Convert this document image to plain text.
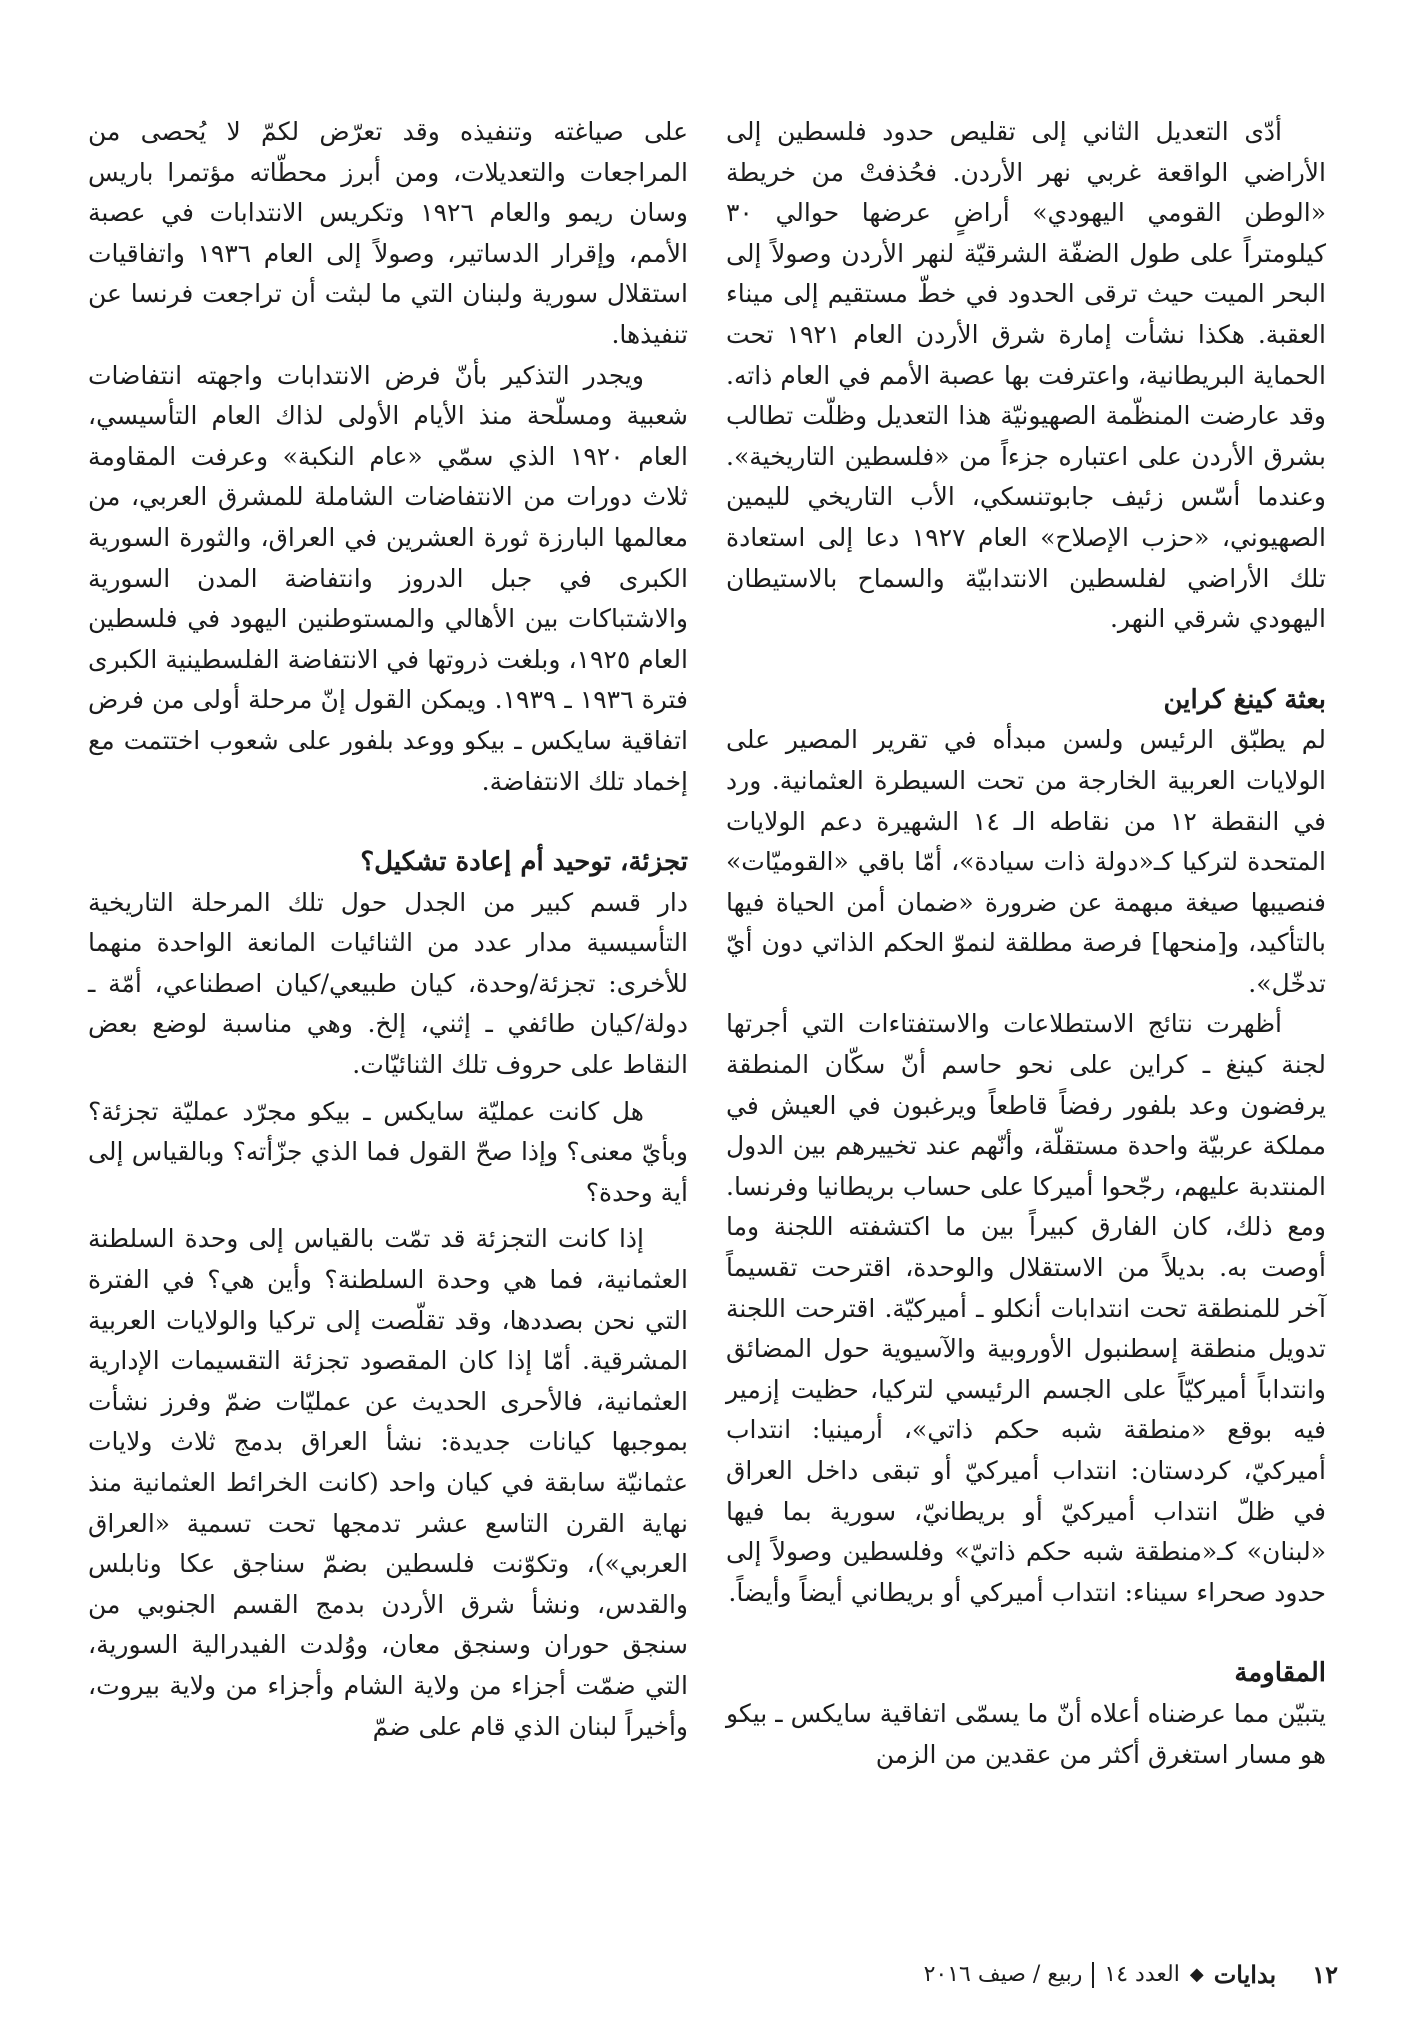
أدّى التعديل الثاني إلى تقليص حدود فلسطين إلى الأراضي الواقعة غربي نهر الأردن. فحُذفتْ من خريطة «الوطن القومي اليهودي» أراضٍ عرضها حوالي ٣٠ كيلومتراً على طول الضفّة الشرقيّة لنهر الأردن وصولاً إلى البحر الميت حيث ترقى الحدود في خطّ مستقيم إلى ميناء العقبة. هكذا نشأت إمارة شرق الأردن العام ١٩٢١ تحت الحماية البريطانية، واعترفت بها عصبة الأمم في العام ذاته. وقد عارضت المنظّمة الصهيونيّة هذا التعديل وظلّت تطالب بشرق الأردن على اعتباره جزءاً من «فلسطين التاريخية». وعندما أسّس زئيف جابوتنسكي، الأب التاريخي لليمين الصهيوني، «حزب الإصلاح» العام ١٩٢٧ دعا إلى استعادة تلك الأراضي لفلسطين الانتدابيّة والسماح بالاستيطان اليهودي شرقي النهر.

بعثة كينغ كراين

لم يطبّق الرئيس ولسن مبدأه في تقرير المصير على الولايات العربية الخارجة من تحت السيطرة العثمانية. ورد في النقطة ١٢ من نقاطه الـ ١٤ الشهيرة دعم الولايات المتحدة لتركيا كـ«دولة ذات سيادة»، أمّا باقي «القوميّات» فنصيبها صيغة مبهمة عن ضرورة «ضمان أمن الحياة فيها بالتأكيد، و[منحها] فرصة مطلقة لنموّ الحكم الذاتي دون أيّ تدخّل».

أظهرت نتائج الاستطلاعات والاستفتاءات التي أجرتها لجنة كينغ ـ كراين على نحو حاسم أنّ سكّان المنطقة يرفضون وعد بلفور رفضاً قاطعاً ويرغبون في العيش في مملكة عربيّة واحدة مستقلّة، وأنّهم عند تخييرهم بين الدول المنتدبة عليهم، رجّحوا أميركا على حساب بريطانيا وفرنسا. ومع ذلك، كان الفارق كبيراً بين ما اكتشفته اللجنة وما أوصت به. بديلاً من الاستقلال والوحدة، اقترحت تقسيماً آخر للمنطقة تحت انتدابات أنكلو ـ أميركيّة. اقترحت اللجنة تدويل منطقة إسطنبول الأوروبية والآسيوية حول المضائق وانتداباً أميركيّاً على الجسم الرئيسي لتركيا، حظيت إزمير فيه بوقع «منطقة شبه حكم ذاتي»، أرمينيا: انتداب أميركيّ، كردستان: انتداب أميركيّ أو تبقى داخل العراق في ظلّ انتداب أميركيّ أو بريطانيّ، سورية بما فيها «لبنان» كـ«منطقة شبه حكم ذاتيّ» وفلسطين وصولاً إلى حدود صحراء سيناء: انتداب أميركي أو بريطاني أيضاً وأيضاً.

المقاومة

يتبيّن مما عرضناه أعلاه أنّ ما يسمّى اتفاقية سايكس ـ بيكو هو مسار استغرق أكثر من عقدين من الزمن

على صياغته وتنفيذه وقد تعرّض لكمّ لا يُحصى من المراجعات والتعديلات، ومن أبرز محطّاته مؤتمرا باريس وسان ريمو والعام ١٩٢٦ وتكريس الانتدابات في عصبة الأمم، وإقرار الدساتير، وصولاً إلى العام ١٩٣٦ واتفاقيات استقلال سورية ولبنان التي ما لبثت أن تراجعت فرنسا عن تنفيذها.

ويجدر التذكير بأنّ فرض الانتدابات واجهته انتفاضات شعبية ومسلّحة منذ الأيام الأولى لذاك العام التأسيسي، العام ١٩٢٠ الذي سمّي «عام النكبة» وعرفت المقاومة ثلاث دورات من الانتفاضات الشاملة للمشرق العربي، من معالمها البارزة ثورة العشرين في العراق، والثورة السورية الكبرى في جبل الدروز وانتفاضة المدن السورية والاشتباكات بين الأهالي والمستوطنين اليهود في فلسطين العام ١٩٢٥، وبلغت ذروتها في الانتفاضة الفلسطينية الكبرى فترة ١٩٣٦ ـ ١٩٣٩. ويمكن القول إنّ مرحلة أولى من فرض اتفاقية سايكس ـ بيكو ووعد بلفور على شعوب اختتمت مع إخماد تلك الانتفاضة.

تجزئة، توحيد أم إعادة تشكيل؟

دار قسم كبير من الجدل حول تلك المرحلة التاريخية التأسيسية مدار عدد من الثنائيات المانعة الواحدة منهما للأخرى: تجزئة/وحدة، كيان طبيعي/كيان اصطناعي، أمّة ـ دولة/كيان طائفي ـ إثني، إلخ. وهي مناسبة لوضع بعض النقاط على حروف تلك الثنائيّات.

هل كانت عمليّة سايكس ـ بيكو مجرّد عمليّة تجزئة؟ وبأيّ معنى؟ وإذا صحّ القول فما الذي جزّأته؟ وبالقياس إلى أية وحدة؟

إذا كانت التجزئة قد تمّت بالقياس إلى وحدة السلطنة العثمانية، فما هي وحدة السلطنة؟ وأين هي؟ في الفترة التي نحن بصددها، وقد تقلّصت إلى تركيا والولايات العربية المشرقية. أمّا إذا كان المقصود تجزئة التقسيمات الإدارية العثمانية، فالأحرى الحديث عن عمليّات ضمّ وفرز نشأت بموجبها كيانات جديدة: نشأ العراق بدمج ثلاث ولايات عثمانيّة سابقة في كيان واحد (كانت الخرائط العثمانية منذ نهاية القرن التاسع عشر تدمجها تحت تسمية «العراق العربي»)، وتكوّنت فلسطين بضمّ سناجق عكا ونابلس والقدس، ونشأ شرق الأردن بدمج القسم الجنوبي من سنجق حوران وسنجق معان، ووُلدت الفيدرالية السورية، التي ضمّت أجزاء من ولاية الشام وأجزاء من ولاية بيروت، وأخيراً لبنان الذي قام على ضمّ

١٢
بدايات
◆
العدد ١٤
ربيع / صيف ٢٠١٦
